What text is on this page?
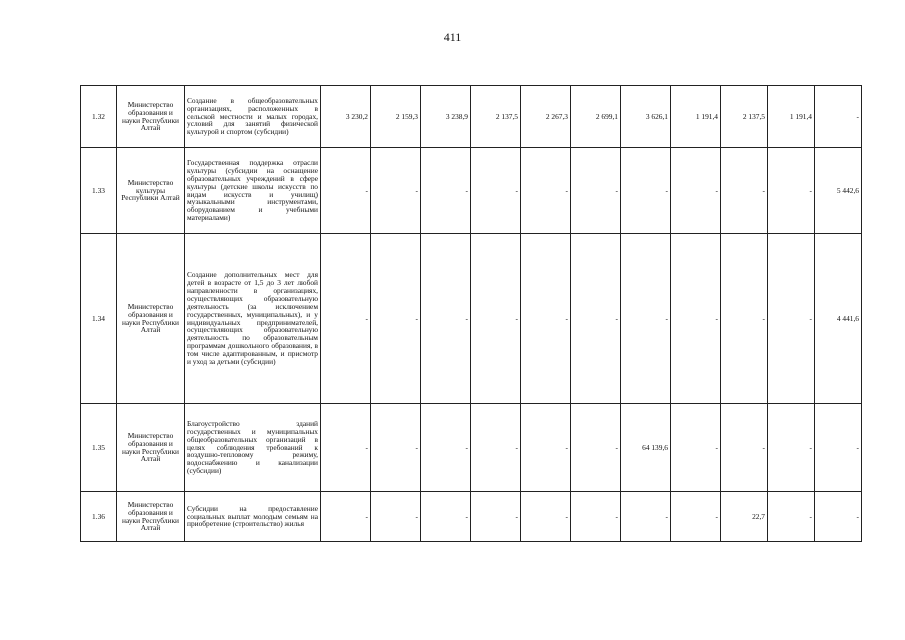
411
1.32	Министерство образования и науки Республики Алтай	Создание в общеобразовательных организациях, расположенных в сельской местности и малых городах, условий для занятий физической культурой и спортом (субсидии)	3 230,2	2 159,3	3 238,9	2 137,5	2 267,3	2 699,1	3 626,1	1 191,4	2 137,5	1 191,4	-
1.33	Министерство культуры Республики Алтай	Государственная поддержка отрасли культуры (субсидии на оснащение образовательных учреждений в сфере культуры (детские школы искусств по видам искусств и училищ) музыкальными инструментами, оборудованием и учебными материалами)	-	-	-	-	-	-	-	-	-	-	5 442,6
1.34	Министерство образования и науки Республики Алтай	Создание дополнительных мест для детей в возрасте от 1,5 до 3 лет любой направленности в организациях, осуществляющих образовательную деятельность (за исключением государственных, муниципальных), и у индивидуальных предпринимателей, осуществляющих образовательную деятельность по образовательным программам дошкольного образования, в том числе адаптированным, и присмотр и уход за детьми (субсидии)	-	-	-	-	-	-	-	-	-	-	4 441,6
1.35	Министерство образования и науки Республики Алтай	Благоустройство зданий государственных и муниципальных общеобразовательных организаций в целях соблюдения требований к воздушно-тепловому режиму, водоснабжению и канализации (субсидии)	-	-	-	-	-	-	64 139,6	-	-	-	-
1.36	Министерство образования и науки Республики Алтай	Субсидии на предоставление социальных выплат молодым семьям на приобретение (строительство) жилья	-	-	-	-	-	-	-	-	22,7	-	-
